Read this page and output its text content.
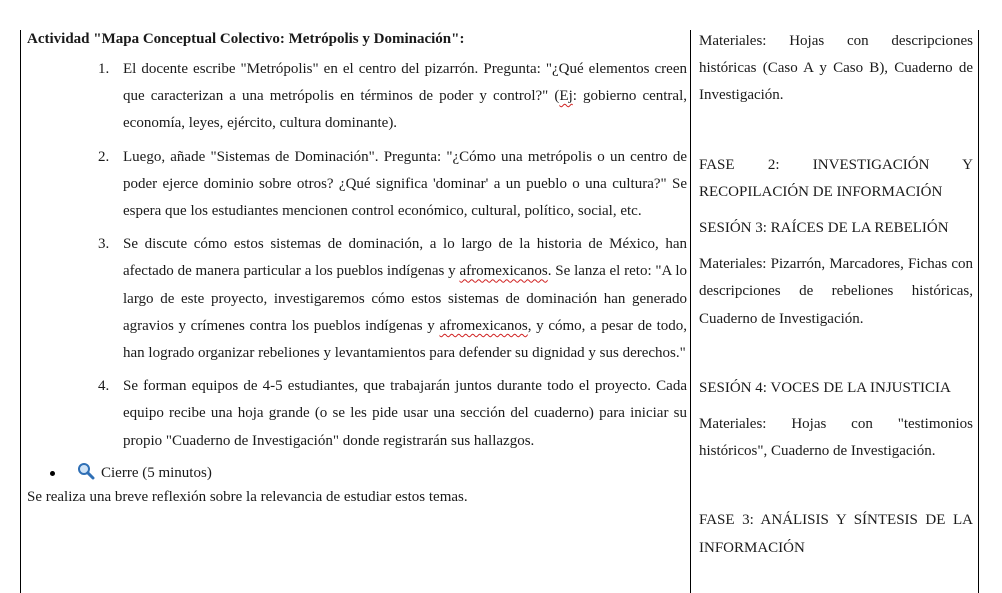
Actividad "Mapa Conceptual Colectivo: Metrópolis y Dominación":

1. El docente escribe "Metrópolis" en el centro del pizarrón. Pregunta: "¿Qué elementos creen que caracterizan a una metrópolis en términos de poder y control?" (Ej: gobierno central, economía, leyes, ejército, cultura dominante).
2. Luego, añade "Sistemas de Dominación". Pregunta: "¿Cómo una metrópolis o un centro de poder ejerce dominio sobre otros? ¿Qué significa 'dominar' a un pueblo o una cultura?" Se espera que los estudiantes mencionen control económico, cultural, político, social, etc.
3. Se discute cómo estos sistemas de dominación, a lo largo de la historia de México, han afectado de manera particular a los pueblos indígenas y afromexicanos. Se lanza el reto: "A lo largo de este proyecto, investigaremos cómo estos sistemas de dominación han generado agravios y crímenes contra los pueblos indígenas y afromexicanos, y cómo, a pesar de todo, han logrado organizar rebeliones y levantamientos para defender su dignidad y sus derechos."
4. Se forman equipos de 4-5 estudiantes, que trabajarán juntos durante todo el proyecto. Cada equipo recibe una hoja grande (o se les pide usar una sección del cuaderno) para iniciar su propio "Cuaderno de Investigación" donde registrarán sus hallazgos.
Cierre (5 minutos)

Se realiza una breve reflexión sobre la relevancia de estudiar estos temas.

Materiales: Hojas con descripciones históricas (Caso A y Caso B), Cuaderno de Investigación.

FASE 2: INVESTIGACIÓN Y RECOPILACIÓN DE INFORMACIÓN

SESIÓN 3: RAÍCES DE LA REBELIÓN

Materiales: Pizarrón, Marcadores, Fichas con descripciones de rebeliones históricas, Cuaderno de Investigación.

SESIÓN 4: VOCES DE LA INJUSTICIA

Materiales: Hojas con "testimonios históricos", Cuaderno de Investigación.

FASE 3: ANÁLISIS Y SÍNTESIS DE LA INFORMACIÓN
